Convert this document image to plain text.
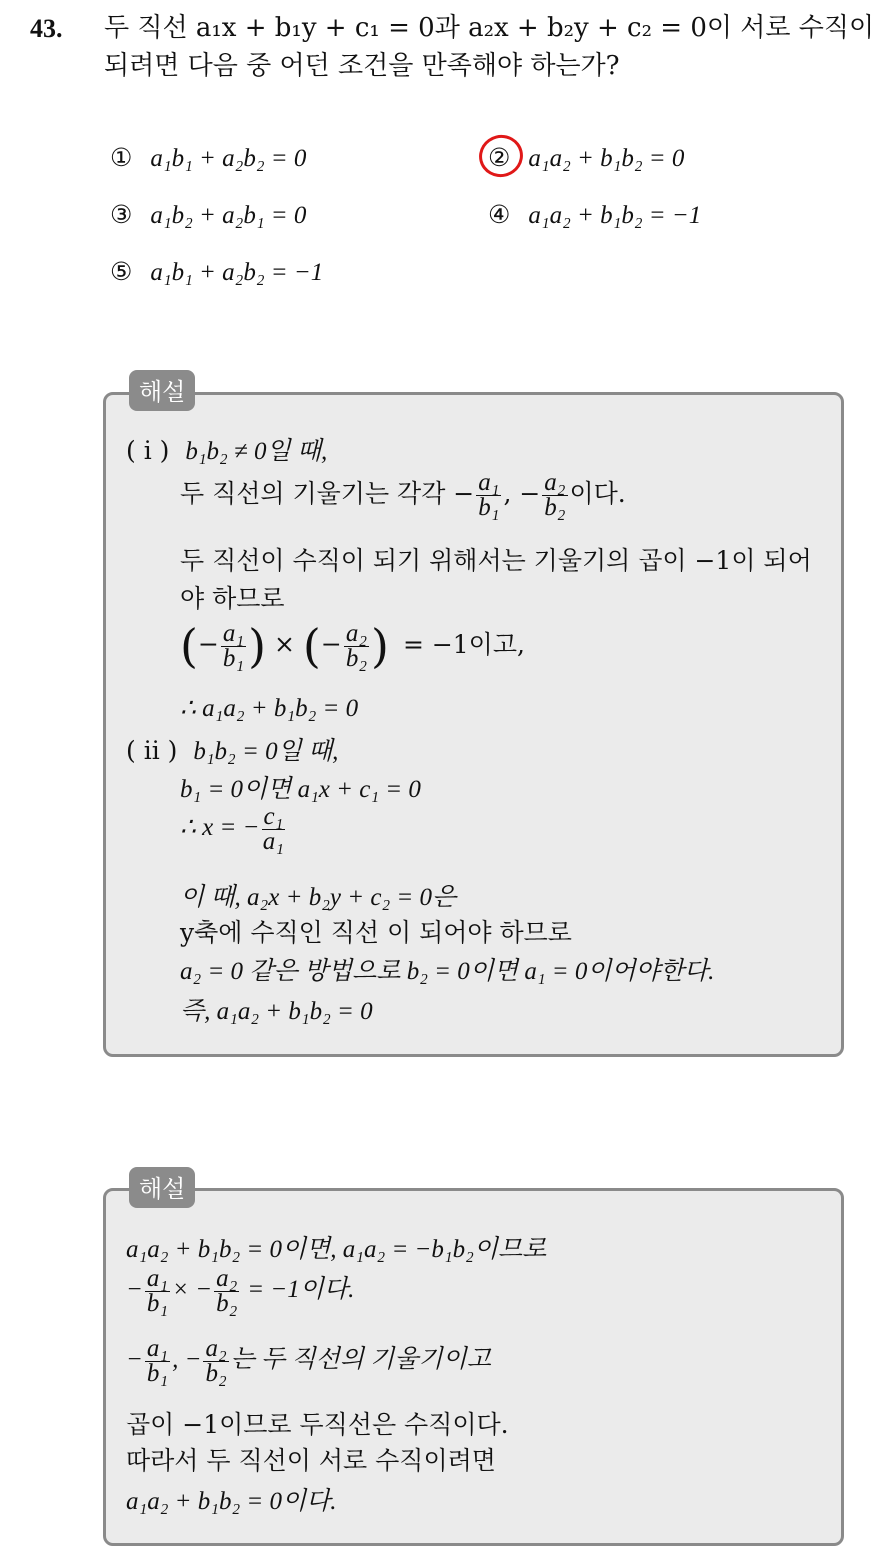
43. 두 직선 a₁x + b₁y + c₁ = 0과 a₂x + b₂y + c₂ = 0이 서로 수직이
되려면 다음 중 어던 조건을 만족해야 하는가?
① a₁b₁ + a₂b₂ = 0	② a₁a₂ + b₁b₂ = 0
③ a₁b₂ + a₂b₁ = 0	④ a₁a₂ + b₁b₂ = −1
⑤ a₁b₁ + a₂b₂ = −1
( i ) b₁b₂ ≠ 0일 때,
두 직선의 기울기는 각각 − $\frac{\text{a₁}}{\text{b₁}}$ , − $\frac{\text{a₂}}{\text{b₂}}$ 이다.
두 직선이 수직이 되기 위해서는 기울기의 곱이 −1이 되어
야 하므로
(− $\frac{\text{a₁}}{\text{b₁}}$ ) × (− $\frac{\text{a₂}}{\text{b₂}}$ ) = −1이고,
∴ a₁a₂ + b₁b₂ = 0
( ii ) b₁b₂ = 0일 때,
b₁ = 0이면 a₁x + c₁ = 0
∴ x = − $\frac{\text{c₁}}{\text{a₁}}$
이 때, a₂x + b₂y + c₂ = 0은
y축에 수직인 직선 이 되어야 하므로
a₂ = 0 같은 방법으로 b₂ = 0이면 a₁ = 0이어야한다.
즉, a₁a₂ + b₁b₂ = 0
해설
a₁a₂ + b₁b₂ = 0이면, a₁a₂ = −b₁b₂이므로
− $\frac{\text{a₁}}{\text{b₁}}$ × − $\frac{\text{a₂}}{\text{b₂}} = -1$이다.
− $\frac{\text{a₁}}{\text{b₁}}$ , − $\frac{\text{a₂}}{\text{b₂}}$ 는 두 직선의 기울기이고
곱이 −1이므로 두직선은 수직이다.
따라서 두 직선이 서로 수직이려면
a₁a₂ + b₁b₂ = 0이다.
해설
